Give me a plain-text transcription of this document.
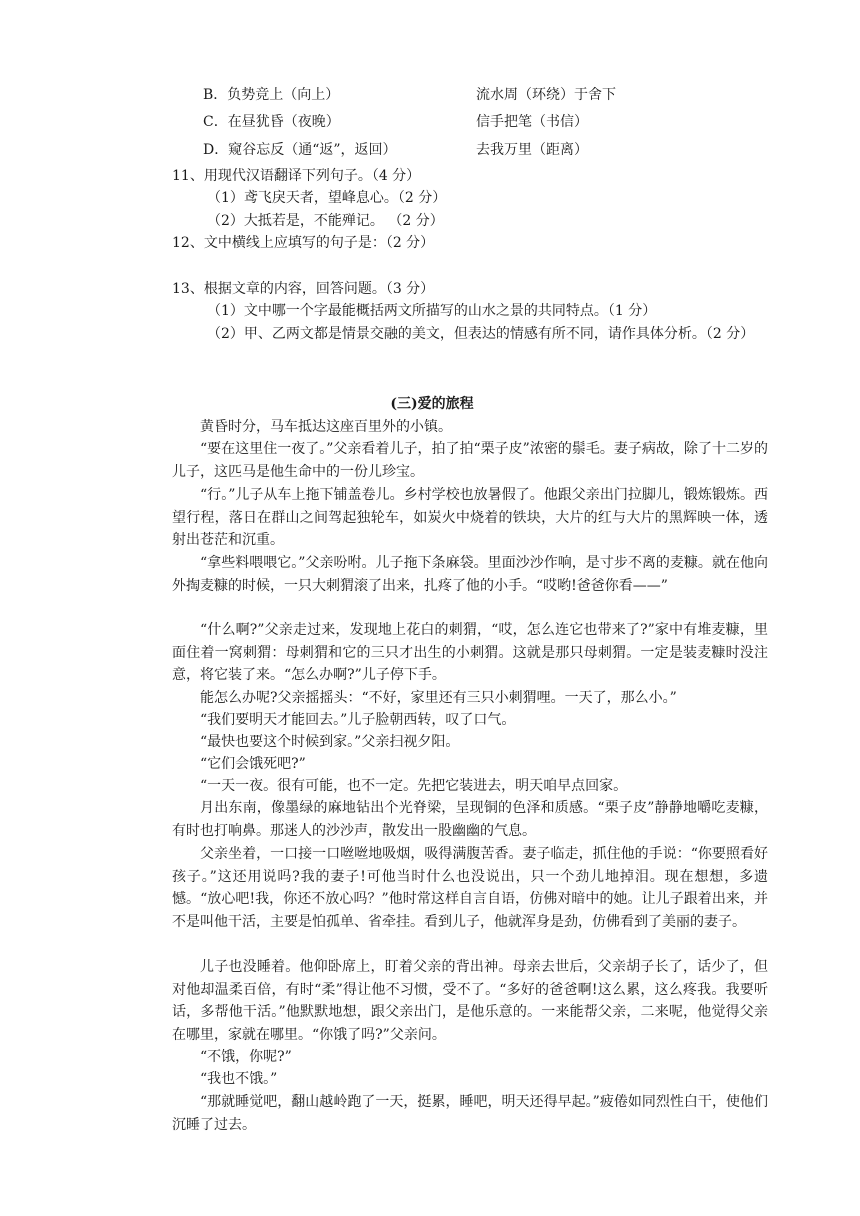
B．负势竞上（向上）	流水周（环绕）于舍下
C．在昼犹昏（夜晚）	信手把笔（书信）
D．窥谷忘反（通“返”，返回）	去我万里（距离）
11、用现代汉语翻译下列句子。（4 分）
（1）鸢飞戾天者，望峰息心。（2 分）
（2）大抵若是，不能殚记。 （2 分）
12、文中横线上应填写的句子是：（2 分）
13、根据文章的内容，回答问题。（3 分）
（1）文中哪一个字最能概括两文所描写的山水之景的共同特点。（1 分）
（2）甲、乙两文都是情景交融的美文，但表达的情感有所不同，请作具体分析。（2 分）
(三)爱的旅程
黄昏时分，马车抵达这座百里外的小镇。
“要在这里住一夜了。”父亲看着儿子，拍了拍“栗子皮”浓密的鬃毛。妻子病故，除了十二岁的儿子，这匹马是他生命中的一份儿珍宝。
“行。”儿子从车上拖下铺盖卷儿。乡村学校也放暑假了。他跟父亲出门拉脚儿，锻炼锻炼。西望行程，落日在群山之间驾起独轮车，如炭火中烧着的铁块，大片的红与大片的黑辉映一体，透射出苍茫和沉重。
“拿些料喂喂它。”父亲吩咐。儿子拖下条麻袋。里面沙沙作响，是寸步不离的麦糠。就在他向外掏麦糠的时候，一只大刺猬滚了出来，扎疼了他的小手。“哎哟!爸爸你看——”
“什么啊?”父亲走过来，发现地上花白的刺猬，“哎，怎么连它也带来了?”家中有堆麦糠，里面住着一窝刺猬：母刺猬和它的三只才出生的小刺猬。这就是那只母刺猬。一定是装麦糠时没注意，将它装了来。“怎么办啊?”儿子停下手。
能怎么办呢?父亲摇摇头：“不好，家里还有三只小刺猬哩。一天了，那么小。”
“我们要明天才能回去。”儿子脸朝西转，叹了口气。
“最快也要这个时候到家。”父亲扫视夕阳。
“它们会饿死吧?”
“一天一夜。很有可能，也不一定。先把它装进去，明天咱早点回家。
月出东南，像墨绿的麻地钻出个光脊梁，呈现铜的色泽和质感。“栗子皮”静静地嚼吃麦糠，有时也打响鼻。那迷人的沙沙声，散发出一股幽幽的气息。
父亲坐着，一口接一口咝咝地吸烟，吸得满腹苦香。妻子临走，抓住他的手说：“你要照看好孩子。”这还用说吗?我的妻子!可他当时什么也没说出，只一个劲儿地掉泪。现在想想，多遗憾。“放心吧!我，你还不放心吗？”他时常这样自言自语，仿佛对暗中的她。让儿子跟着出来，并不是叫他干活，主要是怕孤单、省牵挂。看到儿子，他就浑身是劲，仿佛看到了美丽的妻子。
儿子也没睡着。他仰卧席上，盯着父亲的背出神。母亲去世后，父亲胡子长了，话少了，但对他却温柔百倍，有时“柔”得让他不习惯，受不了。“多好的爸爸啊!这么累，这么疼我。我要听话，多帮他干活。”他默默地想，跟父亲出门，是他乐意的。一来能帮父亲，二来呢，他觉得父亲在哪里，家就在哪里。“你饿了吗?”父亲问。
“不饿，你呢?”
“我也不饿。”
“那就睡觉吧，翻山越岭跑了一天，挺累，睡吧，明天还得早起。”疲倦如同烈性白干，使他们沉睡了过去。
